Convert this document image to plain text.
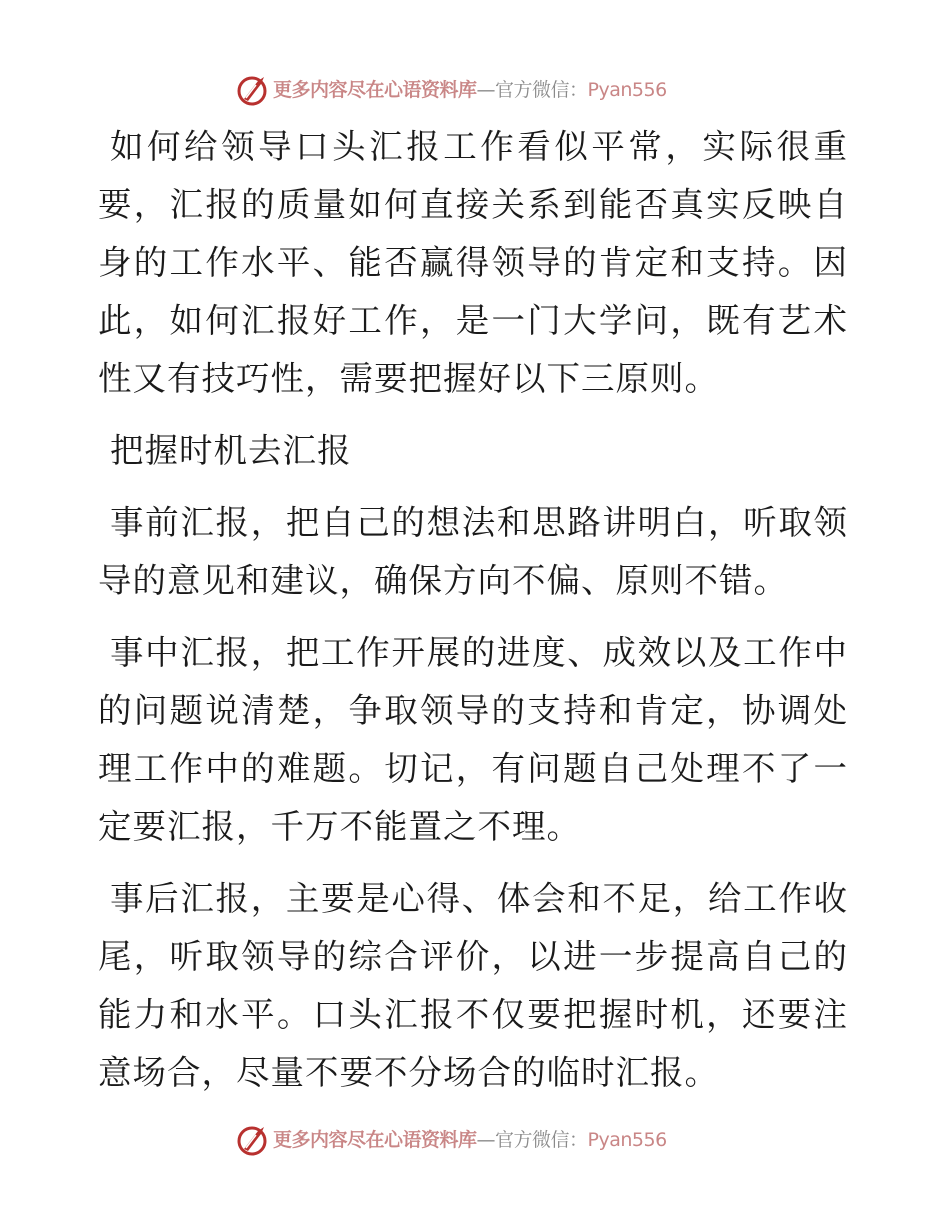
更多内容尽在心语资料库—官方微信：Pyan556

如何给领导口头汇报工作看似平常，实际很重要，汇报的质量如何直接关系到能否真实反映自身的工作水平、能否赢得领导的肯定和支持。因此，如何汇报好工作，是一门大学问，既有艺术性又有技巧性，需要把握好以下三原则。

把握时机去汇报

事前汇报，把自己的想法和思路讲明白，听取领导的意见和建议，确保方向不偏、原则不错。

事中汇报，把工作开展的进度、成效以及工作中的问题说清楚，争取领导的支持和肯定，协调处理工作中的难题。切记，有问题自己处理不了一定要汇报，千万不能置之不理。

事后汇报，主要是心得、体会和不足，给工作收尾，听取领导的综合评价，以进一步提高自己的能力和水平。口头汇报不仅要把握时机，还要注意场合，尽量不要不分场合的临时汇报。

更多内容尽在心语资料库—官方微信：Pyan556
